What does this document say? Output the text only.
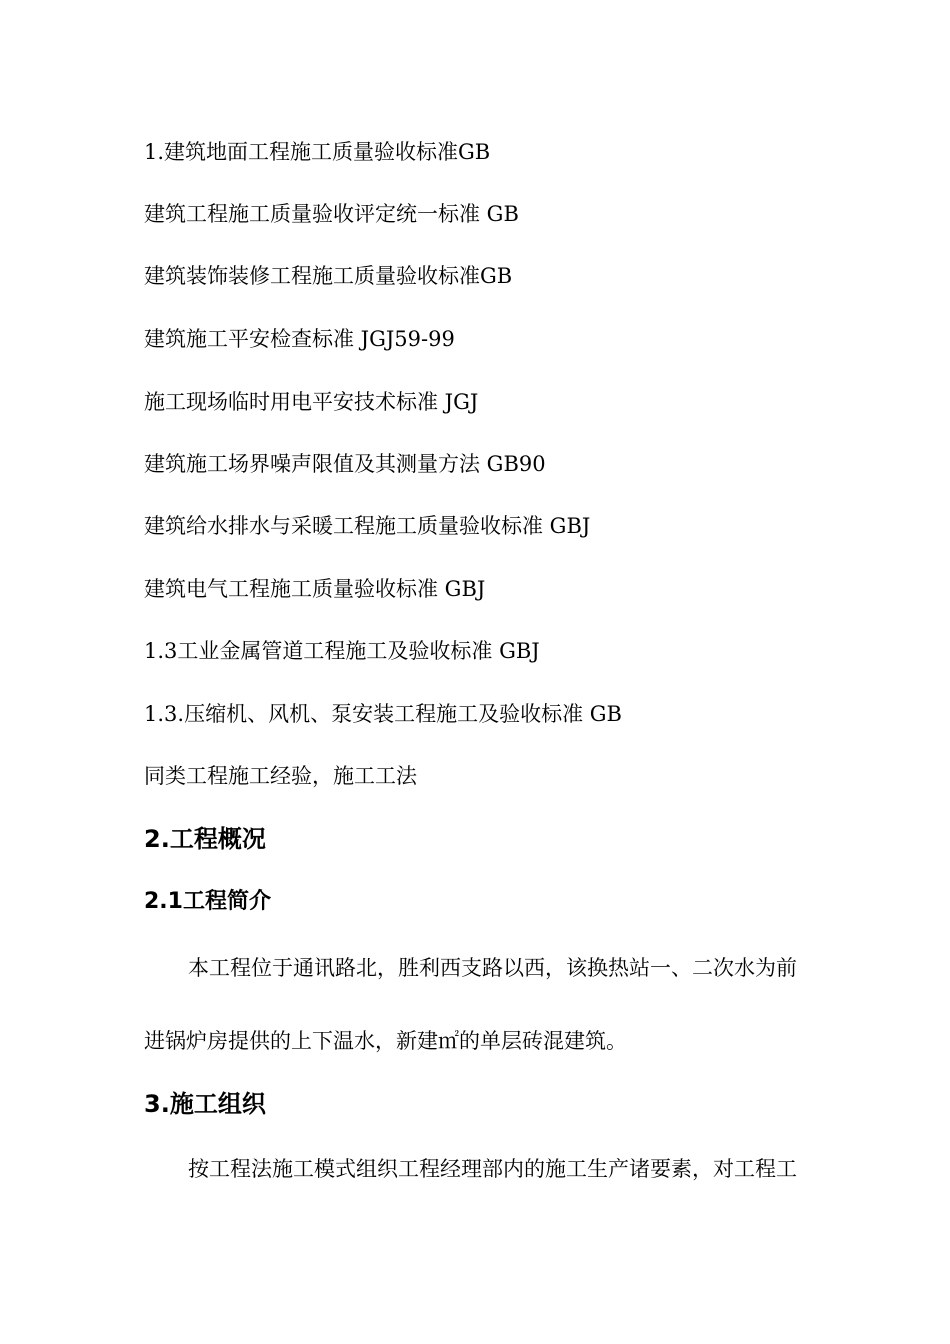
1.建筑地面工程施工质量验收标准GB
建筑工程施工质量验收评定统一标准 GB
建筑装饰装修工程施工质量验收标准GB
建筑施工平安检查标准 JGJ59-99
施工现场临时用电平安技术标准 JGJ
建筑施工场界噪声限值及其测量方法 GB90
建筑给水排水与采暖工程施工质量验收标准 GBJ
建筑电气工程施工质量验收标准 GBJ
1.3工业金属管道工程施工及验收标准 GBJ
1.3.压缩机、风机、泵安装工程施工及验收标准 GB
同类工程施工经验，施工工法
2.工程概况
2.1工程简介
本工程位于通讯路北，胜利西支路以西，该换热站一、二次水为前
进锅炉房提供的上下温水，新建㎡的单层砖混建筑。
3.施工组织
按工程法施工模式组织工程经理部内的施工生产诸要素，对工程工
